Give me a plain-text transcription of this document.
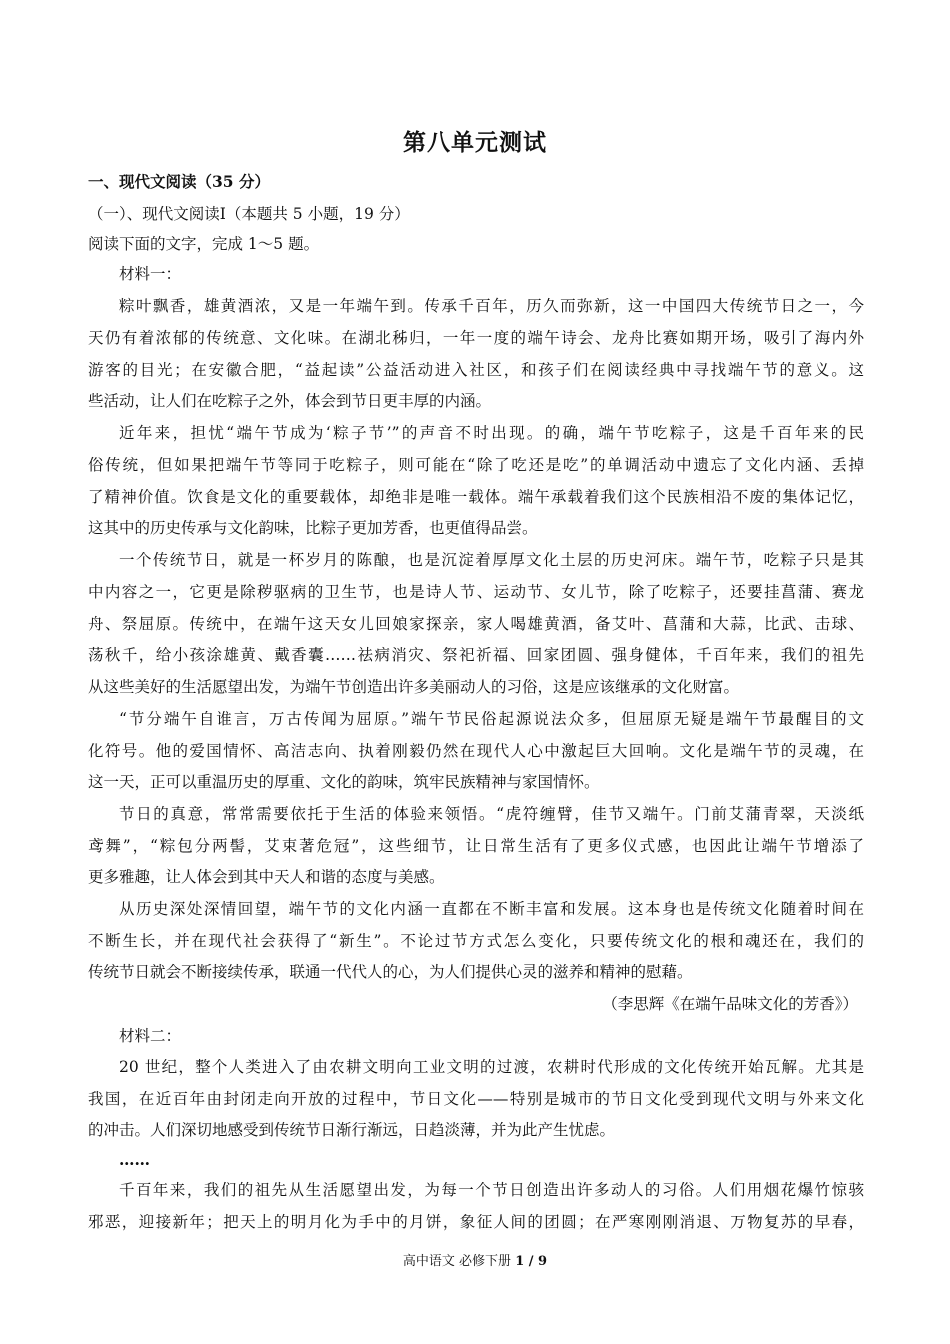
第八单元测试
一、现代文阅读（35 分）
（一）、现代文阅读Ⅰ（本题共 5 小题，19 分）
阅读下面的文字，完成 1～5 题。
材料一：
粽叶飘香，雄黄酒浓，又是一年端午到。传承千百年，历久而弥新，这一中国四大传统节日之一，今
天仍有着浓郁的传统意、文化味。在湖北秭归，一年一度的端午诗会、龙舟比赛如期开场，吸引了海内外
游客的目光；在安徽合肥，“益起读”公益活动进入社区，和孩子们在阅读经典中寻找端午节的意义。这
些活动，让人们在吃粽子之外，体会到节日更丰厚的内涵。
近年来，担忧“端午节成为‘粽子节’”的声音不时出现。的确，端午节吃粽子，这是千百年来的民
俗传统，但如果把端午节等同于吃粽子，则可能在“除了吃还是吃”的单调活动中遗忘了文化内涵、丢掉
了精神价值。饮食是文化的重要载体，却绝非是唯一载体。端午承载着我们这个民族相沿不废的集体记忆，
这其中的历史传承与文化韵味，比粽子更加芳香，也更值得品尝。
一个传统节日，就是一杯岁月的陈酿，也是沉淀着厚厚文化土层的历史河床。端午节，吃粽子只是其
中内容之一，它更是除秽驱病的卫生节，也是诗人节、运动节、女儿节，除了吃粽子，还要挂菖蒲、赛龙
舟、祭屈原。传统中，在端午这天女儿回娘家探亲，家人喝雄黄酒，备艾叶、菖蒲和大蒜，比武、击球、
荡秋千，给小孩涂雄黄、戴香囊……祛病消灾、祭祀祈福、回家团圆、强身健体，千百年来，我们的祖先
从这些美好的生活愿望出发，为端午节创造出许多美丽动人的习俗，这是应该继承的文化财富。
“节分端午自谁言，万古传闻为屈原。”端午节民俗起源说法众多，但屈原无疑是端午节最醒目的文
化符号。他的爱国情怀、高洁志向、执着刚毅仍然在现代人心中激起巨大回响。文化是端午节的灵魂，在
这一天，正可以重温历史的厚重、文化的韵味，筑牢民族精神与家国情怀。
节日的真意，常常需要依托于生活的体验来领悟。“虎符缠臂，佳节又端午。门前艾蒲青翠，天淡纸
鸢舞”，“粽包分两髻，艾束著危冠”，这些细节，让日常生活有了更多仪式感，也因此让端午节增添了
更多雅趣，让人体会到其中天人和谐的态度与美感。
从历史深处深情回望，端午节的文化内涵一直都在不断丰富和发展。这本身也是传统文化随着时间在
不断生长，并在现代社会获得了“新生”。不论过节方式怎么变化，只要传统文化的根和魂还在，我们的
传统节日就会不断接续传承，联通一代代人的心，为人们提供心灵的滋养和精神的慰藉。
（李思辉《在端午品味文化的芳香》）
材料二：
20 世纪，整个人类进入了由农耕文明向工业文明的过渡，农耕时代形成的文化传统开始瓦解。尤其是
我国，在近百年由封闭走向开放的过程中，节日文化——特别是城市的节日文化受到现代文明与外来文化
的冲击。人们深切地感受到传统节日渐行渐远，日趋淡薄，并为此产生忧虑。
……
千百年来，我们的祖先从生活愿望出发，为每一个节日创造出许多动人的习俗。人们用烟花爆竹惊骇
邪恶，迎接新年；把天上的明月化为手中的月饼，象征人间的团圆；在严寒刚刚消退、万物复苏的早春，
高中语文 必修下册 1 / 9
